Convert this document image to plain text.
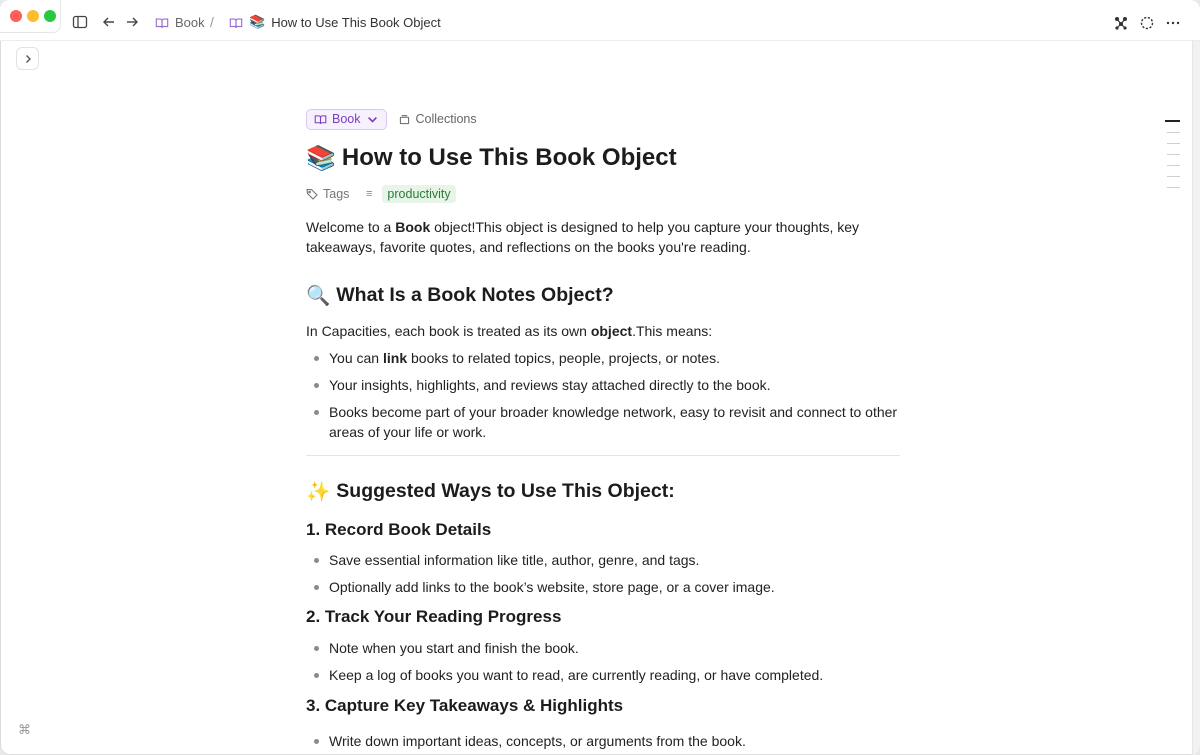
Book /	📚 How to Use This Book Object
Book	Collections
📚 How to Use This Book Object
Tags ≡	productivity

Welcome to a Book object!This object is designed to help you capture your thoughts, key takeaways, favorite quotes, and reflections on the books you're reading.

🔍 What Is a Book Notes Object?

In Capacities, each book is treated as its own object.This means:

You can link books to related topics, people, projects, or notes.
Your insights, highlights, and reviews stay attached directly to the book.
Books become part of your broader knowledge network, easy to revisit and connect to other areas of your life or work.
✨ Suggested Ways to Use This Object:
1. Record Book Details
Save essential information like title, author, genre, and tags.
Optionally add links to the book’s website, store page, or a cover image.
2. Track Your Reading Progress
Note when you start and finish the book.
Keep a log of books you want to read, are currently reading, or have completed.
3. Capture Key Takeaways & Highlights
Write down important ideas, concepts, or arguments from the book.
⌘
